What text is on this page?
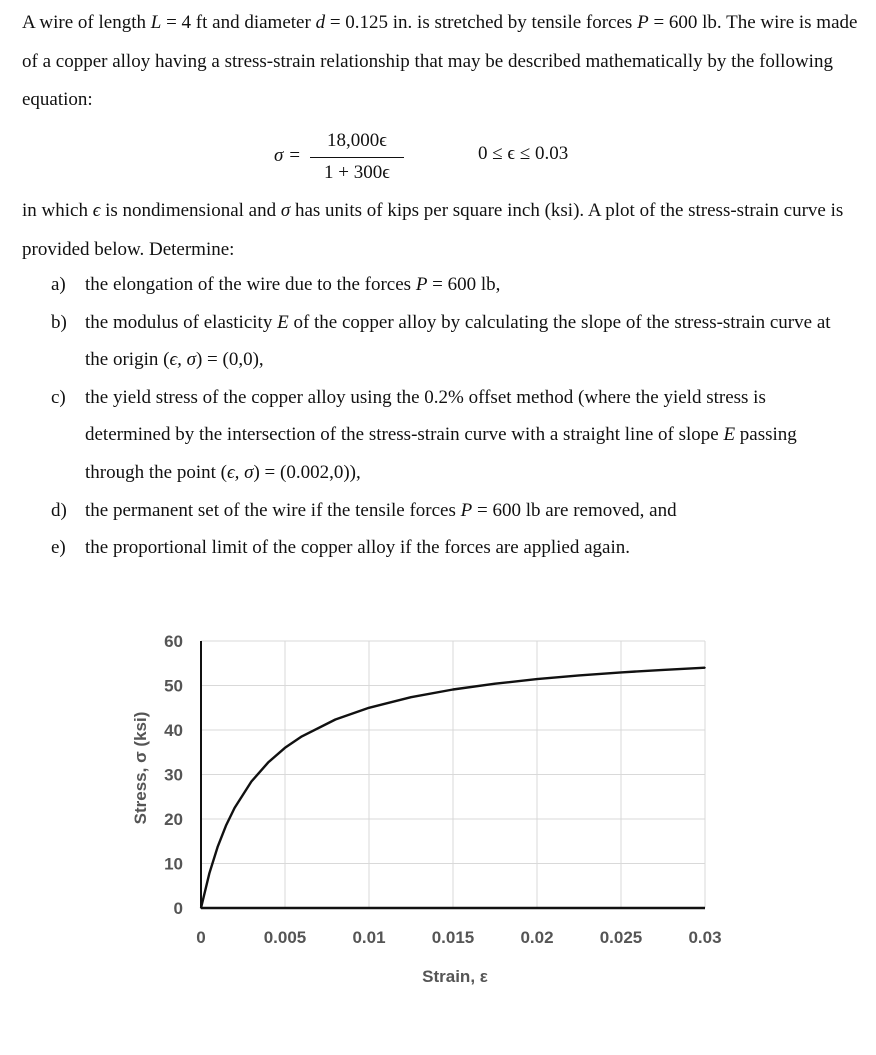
A wire of length L = 4 ft and diameter d = 0.125 in. is stretched by tensile forces P = 600 lb. The wire is made of a copper alloy having a stress-strain relationship that may be described mathematically by the following equation:

σ =
18,000ϵ
1 + 300ϵ
0 ≤ ϵ ≤ 0.03

in which ϵ is nondimensional and σ has units of kips per square inch (ksi). A plot of the stress-strain curve is provided below. Determine:

a) the elongation of the wire due to the forces P = 600 lb,
b) the modulus of elasticity E of the copper alloy by calculating the slope of the stress-strain curve at the origin (ϵ, σ) = (0,0),
c) the yield stress of the copper alloy using the 0.2% offset method (where the yield stress is determined by the intersection of the stress-strain curve with a straight line of slope E passing through the point (ϵ, σ) = (0.002,0)),
d) the permanent set of the wire if the tensile forces P = 600 lb are removed, and
e) the proportional limit of the copper alloy if the forces are applied again.
0	0.005	0.01	0.015	0.02	0.025	0.03
0
10
20
30
40
50
60
Strain, ε
Stress, σ (ksi)
